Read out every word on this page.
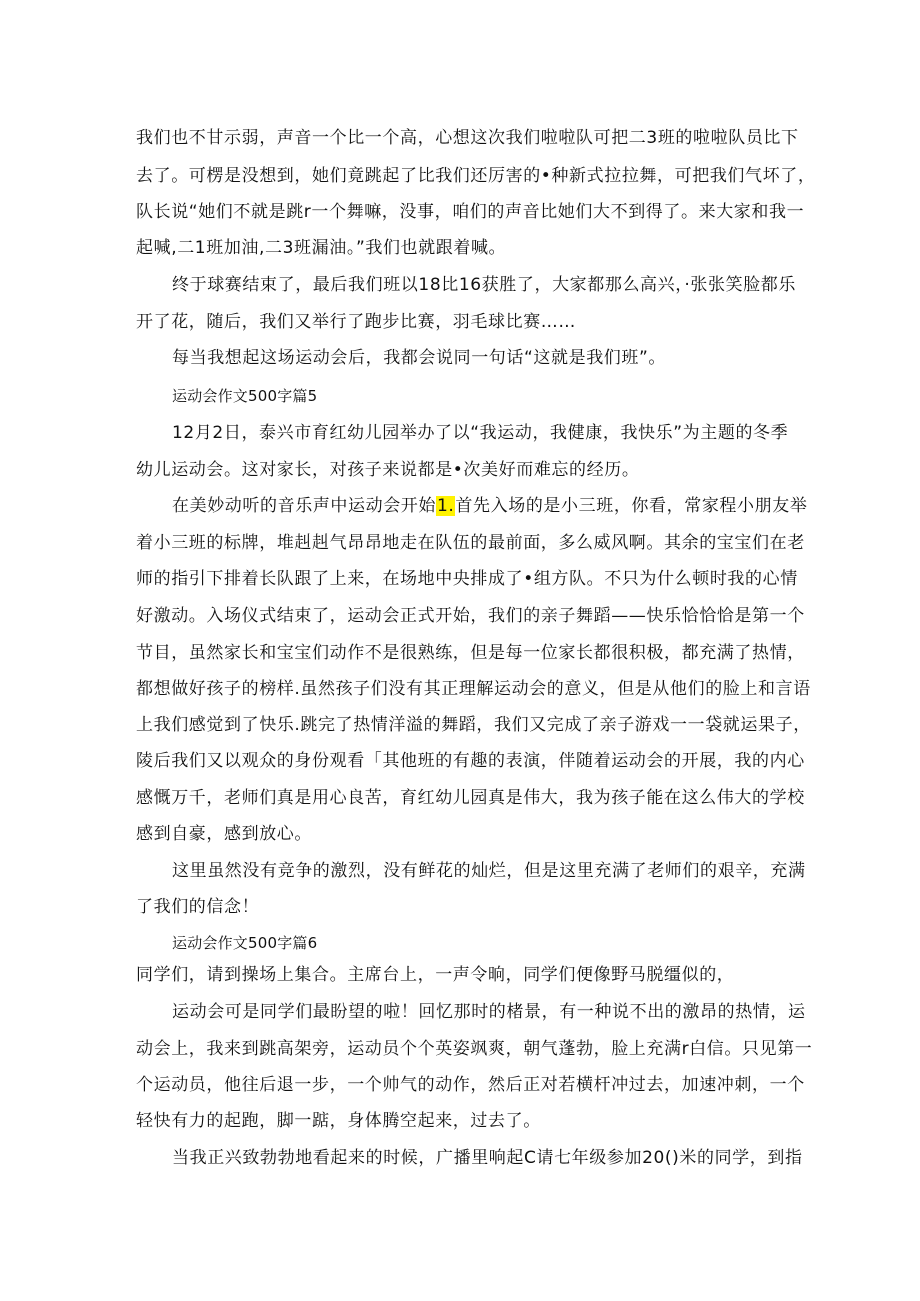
我们也不甘示弱，声音一个比一个高，心想这次我们啦啦队可把二3班的啦啦队员比下
去了。可楞是没想到，她们竟跳起了比我们还厉害的•种新式拉拉舞，可把我们气坏了，
队长说“她们不就是跳r一个舞嘛，没事，咱们的声音比她们大不到得了。来大家和我一
起喊,二1班加油,二3班漏油。”我们也就跟着喊。
终于球赛结束了，最后我们班以18比16获胜了，大家都那么高兴，·张张笑脸都乐
开了花，随后，我们又举行了跑步比赛，羽毛球比赛……
每当我想起这场运动会后，我都会说同一句话“这就是我们班”。
运动会作文500字篇5
12月2日，泰兴市育红幼儿园举办了以“我运动，我健康，我快乐”为主题的冬季
幼儿运动会。这对家长，对孩子来说都是•次美好而难忘的经历。
在美妙动听的音乐声中运动会开始1.首先入场的是小三班，你看，常家程小朋友举
着小三班的标牌，堆赳赳气昂昂地走在队伍的最前面，多么威风啊。其余的宝宝们在老
师的指引下排着长队跟了上来，在场地中央排成了•组方队。不只为什么顿时我的心情
好激动。入场仪式结束了，运动会正式开始，我们的亲子舞蹈——快乐恰恰恰是第一个
节目，虽然家长和宝宝们动作不是很熟练，但是每一位家长都很积极，都充满了热情，
都想做好孩子的榜样.虽然孩子们没有其正理解运动会的意义，但是从他们的脸上和言语
上我们感觉到了快乐.跳完了热情洋溢的舞蹈，我们又完成了亲子游戏一一袋就运果子，
陵后我们又以观众的身份观看「其他班的有趣的表演，伴随着运动会的开展，我的内心
感慨万千，老师们真是用心良苦，育红幼儿园真是伟大，我为孩子能在这么伟大的学校
感到自豪，感到放心。
这里虽然没有竞争的激烈，没有鲜花的灿烂，但是这里充满了老师们的艰辛，充满
了我们的信念！
运动会作文500字篇6
同学们，请到操场上集合。主席台上，一声令晌，同学们便像野马脱缰似的，
运动会可是同学们最盼望的啦！回忆那时的楮景，有一种说不出的激昂的热情，运
动会上，我来到跳高架旁，运动员个个英姿飒爽，朝气蓬勃，脸上充满r白信。只见第一
个运动员，他往后退一步，一个帅气的动作，然后正对若横杆冲过去，加速冲刺，一个
轻快有力的起跑，脚一踮，身体腾空起来，过去了。
当我正兴致勃勃地看起来的时候，广播里响起C请七年级参加20()米的同学，到指
